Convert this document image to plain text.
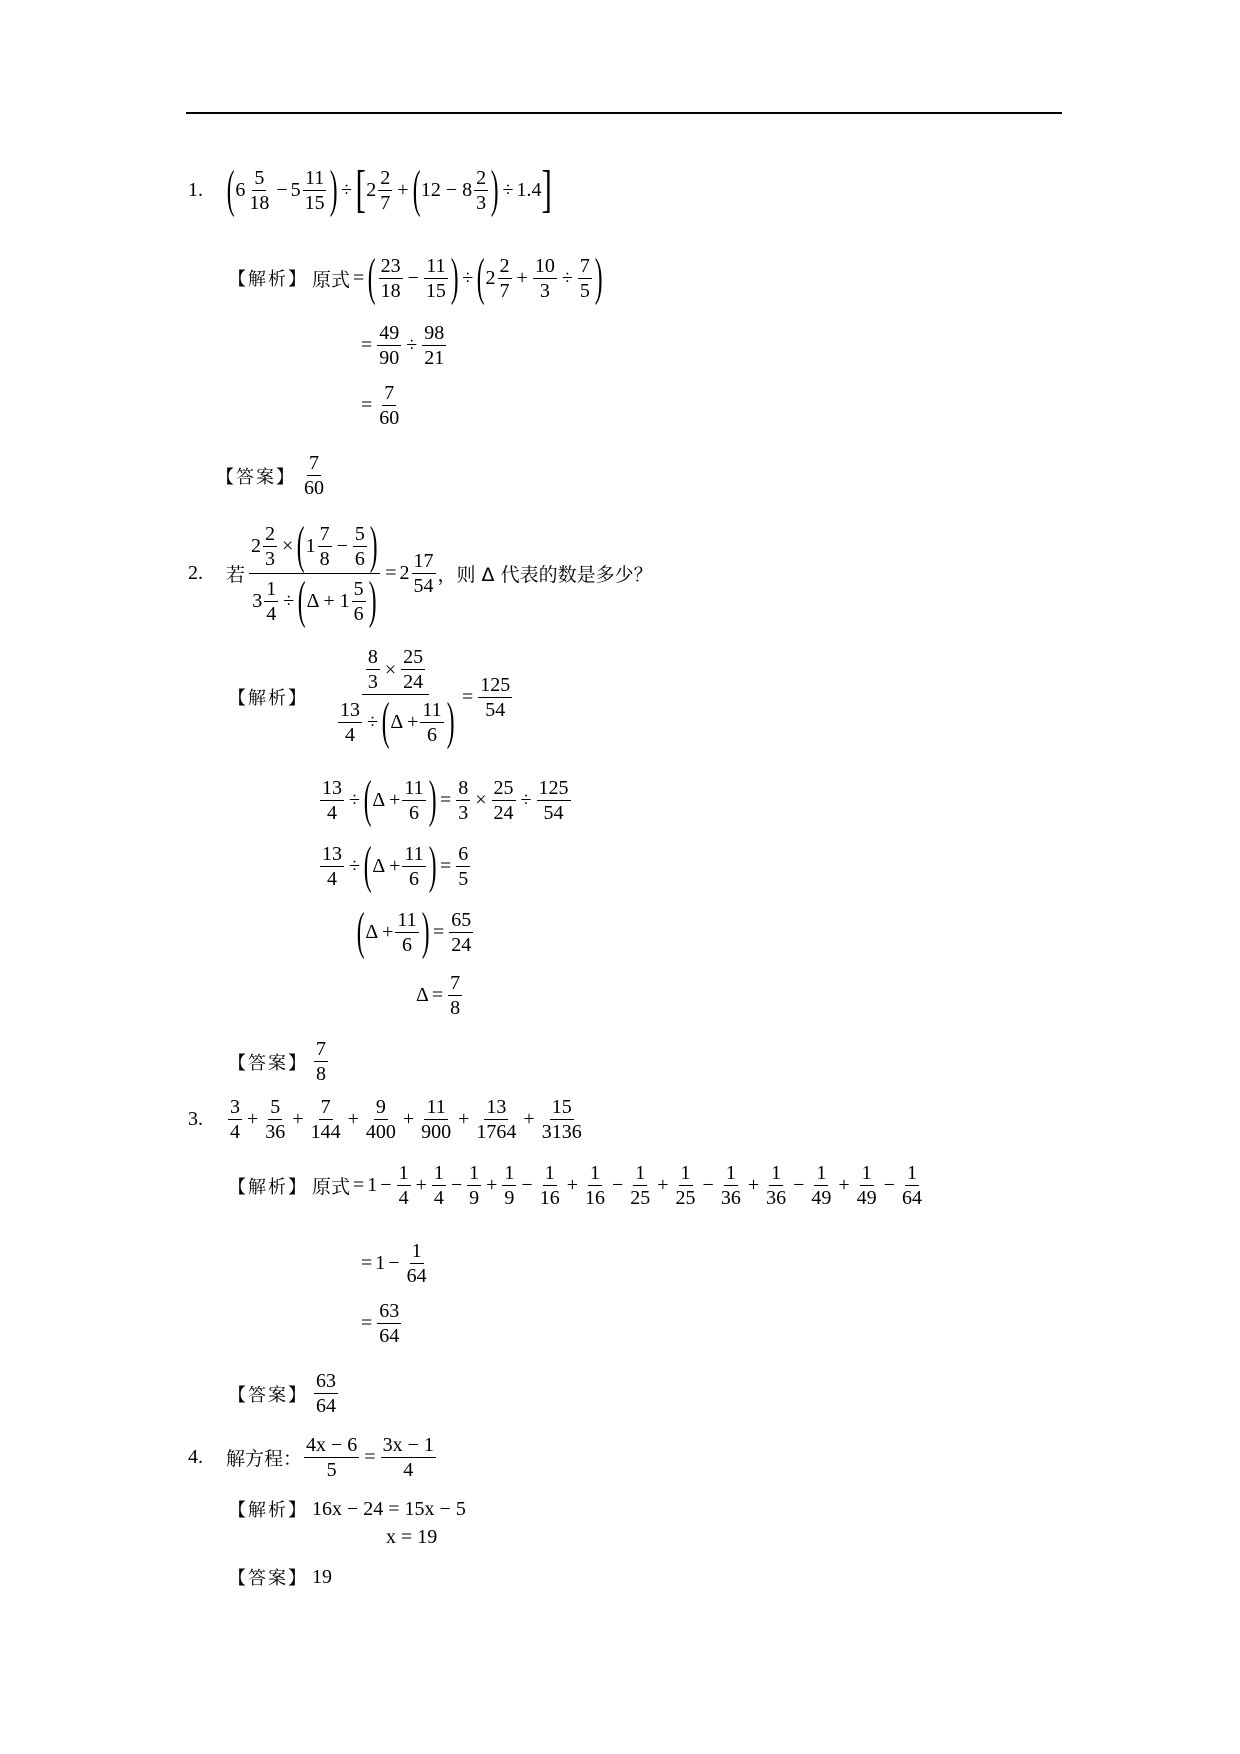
1. ( $6 \frac{5}{18} - 5 \frac{11}{15}$ ) ÷ [ $2 \frac{2}{7}$ + ( $12 - 8 \frac{2}{3}$ ) ÷ 1.4 ]
【解析】 原式 = ( $\frac{23}{18} - \frac{11}{15}$ ) ÷ ( $2 \frac{2}{7} + \frac{10}{3} \div \frac{7}{5}$ )
= $\frac{49}{90} \div \frac{98}{21}$
= $\frac{7}{60}$
【答案】 $\frac{7}{60}$
2.	若 $\frac{2 \frac{2}{3} \times ( 1 \frac{7}{8} - \frac{5}{6} )}{3 \frac{1}{4} \div ( \Delta + 1 \frac{5}{6} )} = 2 \frac{17}{54}$ ，则 Δ 代表的数是多少？
【解析】 $\frac{\frac{8}{3} \times \frac{25}{24}}{\frac{13}{4} \div ( \Delta + \frac{11}{6} )} = \frac{125}{54}$
$\frac{13}{4}$ ÷ ( $\Delta + \frac{11}{6}$ ) = $\frac{8}{3} \times \frac{25}{24} \div \frac{125}{54}$
$\frac{13}{4}$ ÷ ( $\Delta + \frac{11}{6}$ ) = $\frac{6}{5}$
( $\Delta + \frac{11}{6}$ ) = $\frac{65}{24}$
$\Delta = \frac{7}{8}$
【答案】 $\frac{7}{8}$
3.	$\frac{3}{4} + \frac{5}{36} + \frac{7}{144} + \frac{9}{400} + \frac{11}{900} + \frac{13}{1764} + \frac{15}{3136}$
【解析】 原式 = $1 - \frac{1}{4} + \frac{1}{4} - \frac{1}{9} + \frac{1}{9} - \frac{1}{16} + \frac{1}{16} - \frac{1}{25} + \frac{1}{25} - \frac{1}{36} + \frac{1}{36} - \frac{1}{49} + \frac{1}{49} - \frac{1}{64}$
= $1 - \frac{1}{64}$
= $\frac{63}{64}$
【答案】 $\frac{63}{64}$
4.	解方程： $\frac{4x - 6}{5} = \frac{3x - 1}{4}$
【解析】 16x − 24 = 15x − 5
x = 19
【答案】 19
